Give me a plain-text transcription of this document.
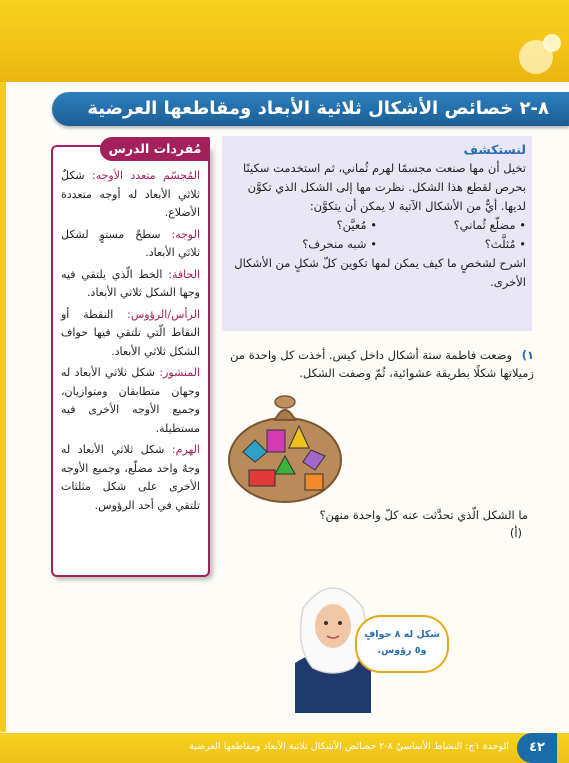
٨-٢ خصائص الأشكال ثلاثية الأبعاد ومقاطعها العرضية
لنستكشف
تخيل أن مها صنعت مجسمًا لهرم ثُماني، ثم استخدمت سكينًا بحرص لقطع هذا الشكل. نظرت مها إلى الشكل الذي تكوَّن لديها. أيٌّ من الأشكال الآتية لا يمكن أن يتكوَّن:
• مضلّع ثُماني؟
• مُعيَّن؟
• مُثلَّث؟
• شبه منحرف؟
اشرح لشخصٍ ما كيف يمكن لمها تكوين كلّ شكلٍ من الأشكال الأخرى.
مُفردات الدرس

المُجسّم متعدد الأوجه: شكلٌ ثلاثي الأبعاد له أوجه متعددة الأضلاع.

الوجه: سطحٌ مستوٍ لشكل ثلاثي الأبعاد.

الحافة: الخط الّذي يلتقي فيه وجها الشكل ثلاثي الأبعاد.

الرأس/الرؤوس: النقطة أو النقاط الّتي تلتقي فيها حواف الشكل ثلاثي الأبعاد.

المنشور: شكل ثلاثي الأبعاد له وجهان متطابقان ومتوازيان، وجميع الأوجه الأخرى فيه مستطيلة.

الهرم: شكل ثلاثي الأبعاد له وجهٌ واحد مضلّع، وجميع الأوجه الأخرى على شكل مثلثات تلتقي في أحد الرؤوس.

١) وضعت فاطمة ستة أشكال داخل كيس. أخذت كل واحدة من زميلاتها شكلًا بطريقة عشوائية، ثُمّ وصفت الشكل.
ما الشكل الّذي تحدَّثت عنه كلّ واحدة منهن؟
(أ)
شكل له ٨ حوافٍ
و٥ رؤوس.
الوحدة ١ج: النشاط الأساسيّ ٨-٢ خصائص الأشكال ثلاثية الأبعاد ومقاطعها العرضية	٤٢
